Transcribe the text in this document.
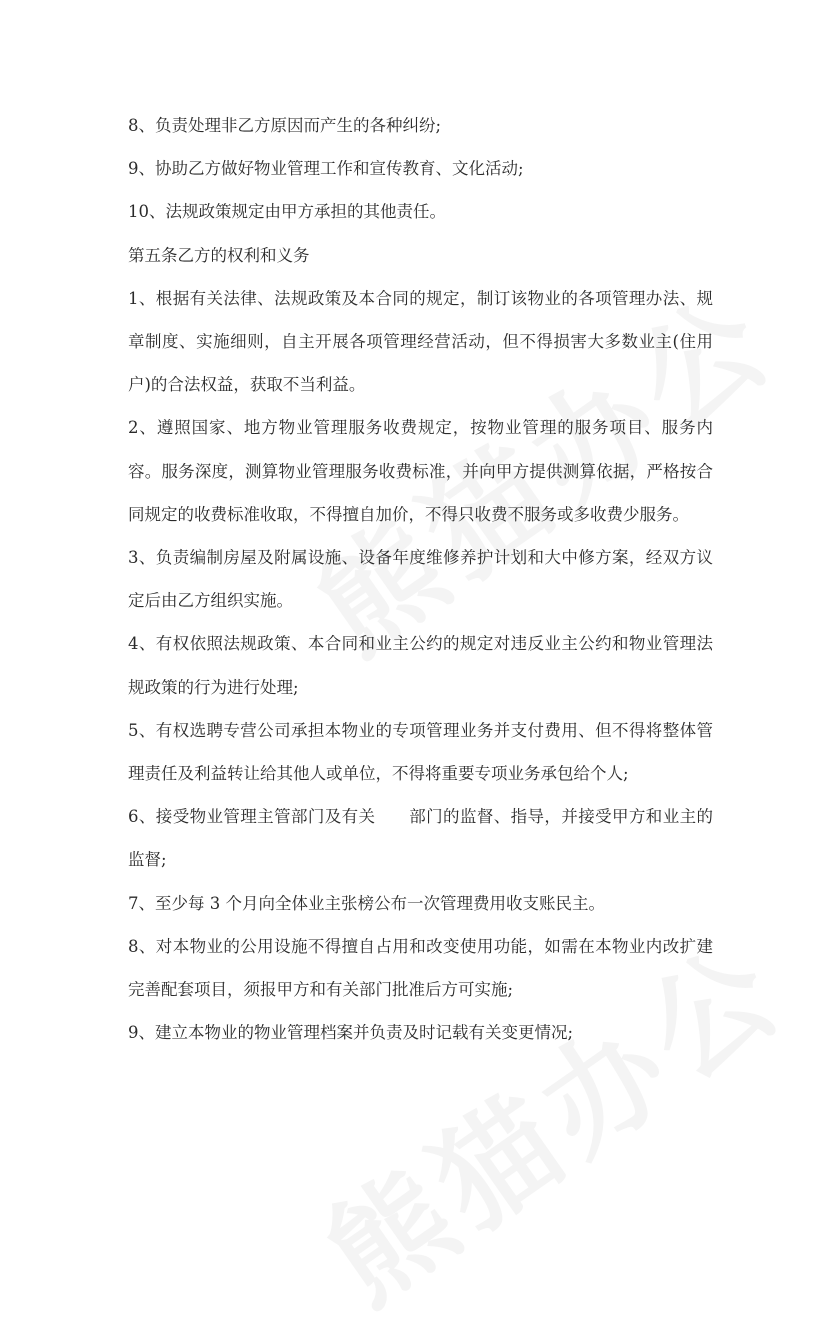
8、负责处理非乙方原因而产生的各种纠纷;

9、协助乙方做好物业管理工作和宣传教育、文化活动;

10、法规政策规定由甲方承担的其他责任。

第五条乙方的权利和义务

1、根据有关法律、法规政策及本合同的规定，制订该物业的各项管理办法、规章制度、实施细则，自主开展各项管理经营活动，但不得损害大多数业主(住用户)的合法权益，获取不当利益。

2、遵照国家、地方物业管理服务收费规定，按物业管理的服务项目、服务内容。服务深度，测算物业管理服务收费标准，并向甲方提供测算依据，严格按合同规定的收费标准收取，不得擅自加价，不得只收费不服务或多收费少服务。

3、负责编制房屋及附属设施、设备年度维修养护计划和大中修方案，经双方议定后由乙方组织实施。

4、有权依照法规政策、本合同和业主公约的规定对违反业主公约和物业管理法规政策的行为进行处理;

5、有权选聘专营公司承担本物业的专项管理业务并支付费用、但不得将整体管理责任及利益转让给其他人或单位，不得将重要专项业务承包给个人;

6、接受物业管理主管部门及有关　　部门的监督、指导，并接受甲方和业主的监督;

7、至少每 3 个月向全体业主张榜公布一次管理费用收支账民主。

8、对本物业的公用设施不得擅自占用和改变使用功能，如需在本物业内改扩建完善配套项目，须报甲方和有关部门批准后方可实施;

9、建立本物业的物业管理档案并负责及时记载有关变更情况;
